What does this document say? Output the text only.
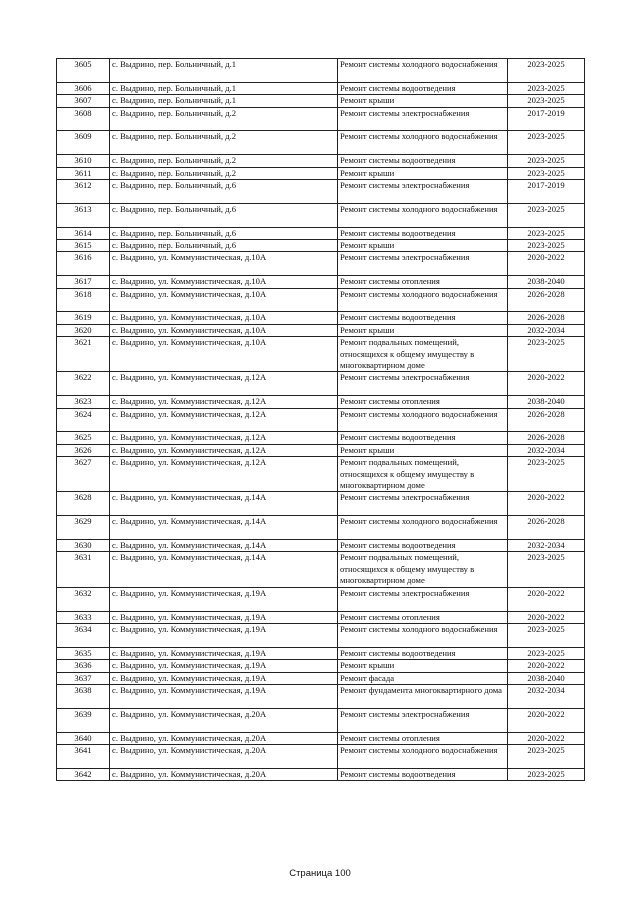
3605	с. Выдрино, пер. Больничный, д.1	Ремонт системы холодного водоснабжения	2023-2025
3606	с. Выдрино, пер. Больничный, д.1	Ремонт системы водоотведения	2023-2025
3607	с. Выдрино, пер. Больничный, д.1	Ремонт крыши	2023-2025
3608	с. Выдрино, пер. Больничный, д.2	Ремонт системы электроснабжения	2017-2019
3609	с. Выдрино, пер. Больничный, д.2	Ремонт системы холодного водоснабжения	2023-2025
3610	с. Выдрино, пер. Больничный, д.2	Ремонт системы водоотведения	2023-2025
3611	с. Выдрино, пер. Больничный, д.2	Ремонт крыши	2023-2025
3612	с. Выдрино, пер. Больничный, д.6	Ремонт системы электроснабжения	2017-2019
3613	с. Выдрино, пер. Больничный, д.6	Ремонт системы холодного водоснабжения	2023-2025
3614	с. Выдрино, пер. Больничный, д.6	Ремонт системы водоотведения	2023-2025
3615	с. Выдрино, пер. Больничный, д.6	Ремонт крыши	2023-2025
3616	с. Выдрино, ул. Коммунистическая, д.10А	Ремонт системы электроснабжения	2020-2022
3617	с. Выдрино, ул. Коммунистическая, д.10А	Ремонт системы отопления	2038-2040
3618	с. Выдрино, ул. Коммунистическая, д.10А	Ремонт системы холодного водоснабжения	2026-2028
3619	с. Выдрино, ул. Коммунистическая, д.10А	Ремонт системы водоотведения	2026-2028
3620	с. Выдрино, ул. Коммунистическая, д.10А	Ремонт крыши	2032-2034
3621	с. Выдрино, ул. Коммунистическая, д.10А	Ремонт подвальных помещений, относящихся к общему имуществу в многоквартирном доме	2023-2025
3622	с. Выдрино, ул. Коммунистическая, д.12А	Ремонт системы электроснабжения	2020-2022
3623	с. Выдрино, ул. Коммунистическая, д.12А	Ремонт системы отопления	2038-2040
3624	с. Выдрино, ул. Коммунистическая, д.12А	Ремонт системы холодного водоснабжения	2026-2028
3625	с. Выдрино, ул. Коммунистическая, д.12А	Ремонт системы водоотведения	2026-2028
3626	с. Выдрино, ул. Коммунистическая, д.12А	Ремонт крыши	2032-2034
3627	с. Выдрино, ул. Коммунистическая, д.12А	Ремонт подвальных помещений, относящихся к общему имуществу в многоквартирном доме	2023-2025
3628	с. Выдрино, ул. Коммунистическая, д.14А	Ремонт системы электроснабжения	2020-2022
3629	с. Выдрино, ул. Коммунистическая, д.14А	Ремонт системы холодного водоснабжения	2026-2028
3630	с. Выдрино, ул. Коммунистическая, д.14А	Ремонт системы водоотведения	2032-2034
3631	с. Выдрино, ул. Коммунистическая, д.14А	Ремонт подвальных помещений, относящихся к общему имуществу в многоквартирном доме	2023-2025
3632	с. Выдрино, ул. Коммунистическая, д.19А	Ремонт системы электроснабжения	2020-2022
3633	с. Выдрино, ул. Коммунистическая, д.19А	Ремонт системы отопления	2020-2022
3634	с. Выдрино, ул. Коммунистическая, д.19А	Ремонт системы холодного водоснабжения	2023-2025
3635	с. Выдрино, ул. Коммунистическая, д.19А	Ремонт системы водоотведения	2023-2025
3636	с. Выдрино, ул. Коммунистическая, д.19А	Ремонт крыши	2020-2022
3637	с. Выдрино, ул. Коммунистическая, д.19А	Ремонт фасада	2038-2040
3638	с. Выдрино, ул. Коммунистическая, д.19А	Ремонт фундамента многоквартирного дома	2032-2034
3639	с. Выдрино, ул. Коммунистическая, д.20А	Ремонт системы электроснабжения	2020-2022
3640	с. Выдрино, ул. Коммунистическая, д.20А	Ремонт системы отопления	2020-2022
3641	с. Выдрино, ул. Коммунистическая, д.20А	Ремонт системы холодного водоснабжения	2023-2025
3642	с. Выдрино, ул. Коммунистическая, д.20А	Ремонт системы водоотведения	2023-2025
Страница 100
